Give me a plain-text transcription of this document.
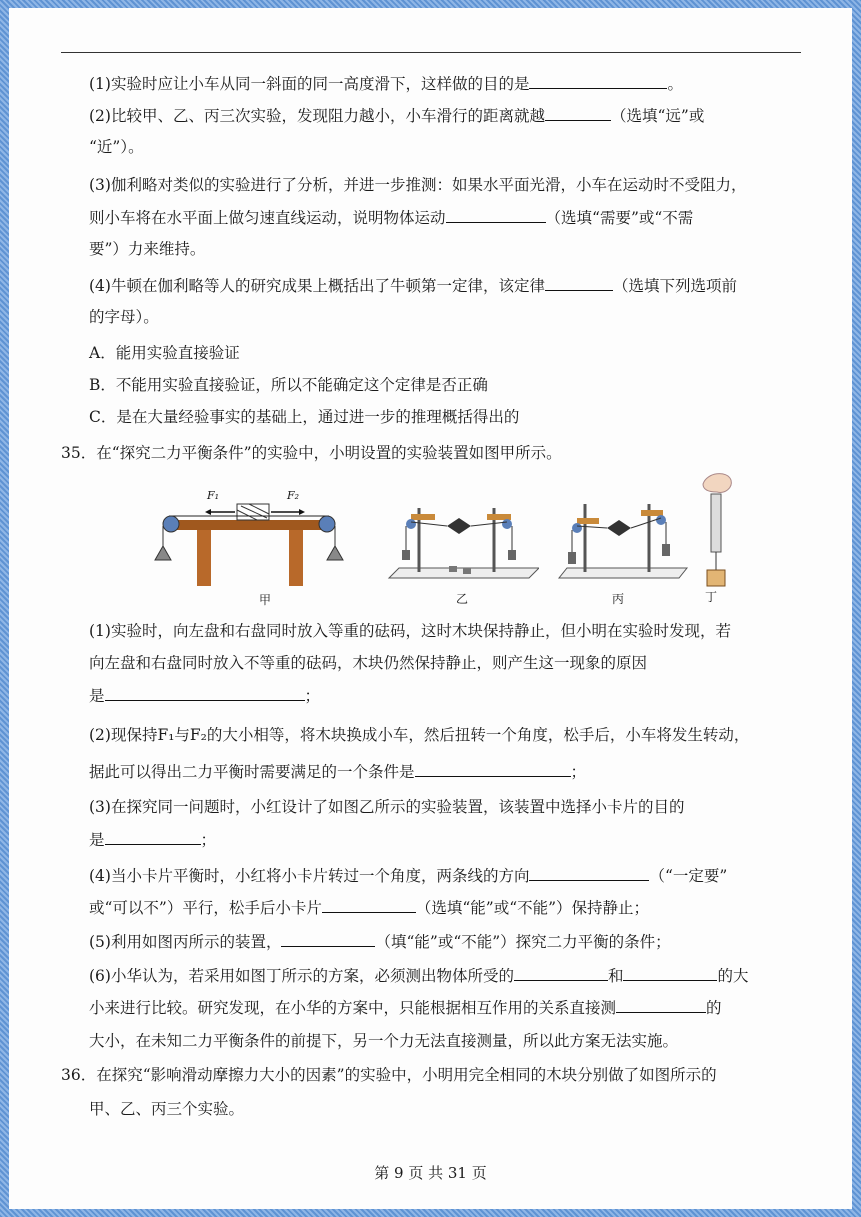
(1)实验时应让小车从同一斜面的同一高度滑下，这样做的目的是	。
(2)比较甲、乙、丙三次实验，发现阻力越小，小车滑行的距离就越	（选填“远”或
“近”）。
(3)伽利略对类似的实验进行了分析，并进一步推测：如果水平面光滑，小车在运动时不受阻力，
则小车将在水平面上做匀速直线运动，说明物体运动	（选填“需要”或“不需
要”）力来维持。
(4)牛顿在伽利略等人的研究成果上概括出了牛顿第一定律，该定律	（选填下列选项前
的字母）。
A．能用实验直接验证
B．不能用实验直接验证，所以不能确定这个定律是否正确
C．是在大量经验事实的基础上，通过进一步的推理概括得出的
35．在“探究二力平衡条件”的实验中，小明设置的实验装置如图甲所示。
甲
F₁	F₂
乙	丙	丁
(1)实验时，向左盘和右盘同时放入等重的砝码，这时木块保持静止，但小明在实验时发现，若
向左盘和右盘同时放入不等重的砝码，木块仍然保持静止，则产生这一现象的原因
是	；
(2)现保持F₁与F₂的大小相等，将木块换成小车，然后扭转一个角度，松手后，小车将发生转动，
据此可以得出二力平衡时需要满足的一个条件是	；
(3)在探究同一问题时，小红设计了如图乙所示的实验装置，该装置中选择小卡片的目的
是	；
(4)当小卡片平衡时，小红将小卡片转过一个角度，两条线的方向	（“一定要”
或“可以不”）平行，松手后小卡片	（选填“能”或“不能”）保持静止；
(5)利用如图丙所示的装置，	（填“能”或“不能”）探究二力平衡的条件；
(6)小华认为，若采用如图丁所示的方案，必须测出物体所受的	和	的大
小来进行比较。研究发现，在小华的方案中，只能根据相互作用的关系直接测	的
大小，在未知二力平衡条件的前提下，另一个力无法直接测量，所以此方案无法实施。
36．在探究“影响滑动摩擦力大小的因素”的实验中，小明用完全相同的木块分别做了如图所示的
甲、乙、丙三个实验。
第 9 页 共 31 页
